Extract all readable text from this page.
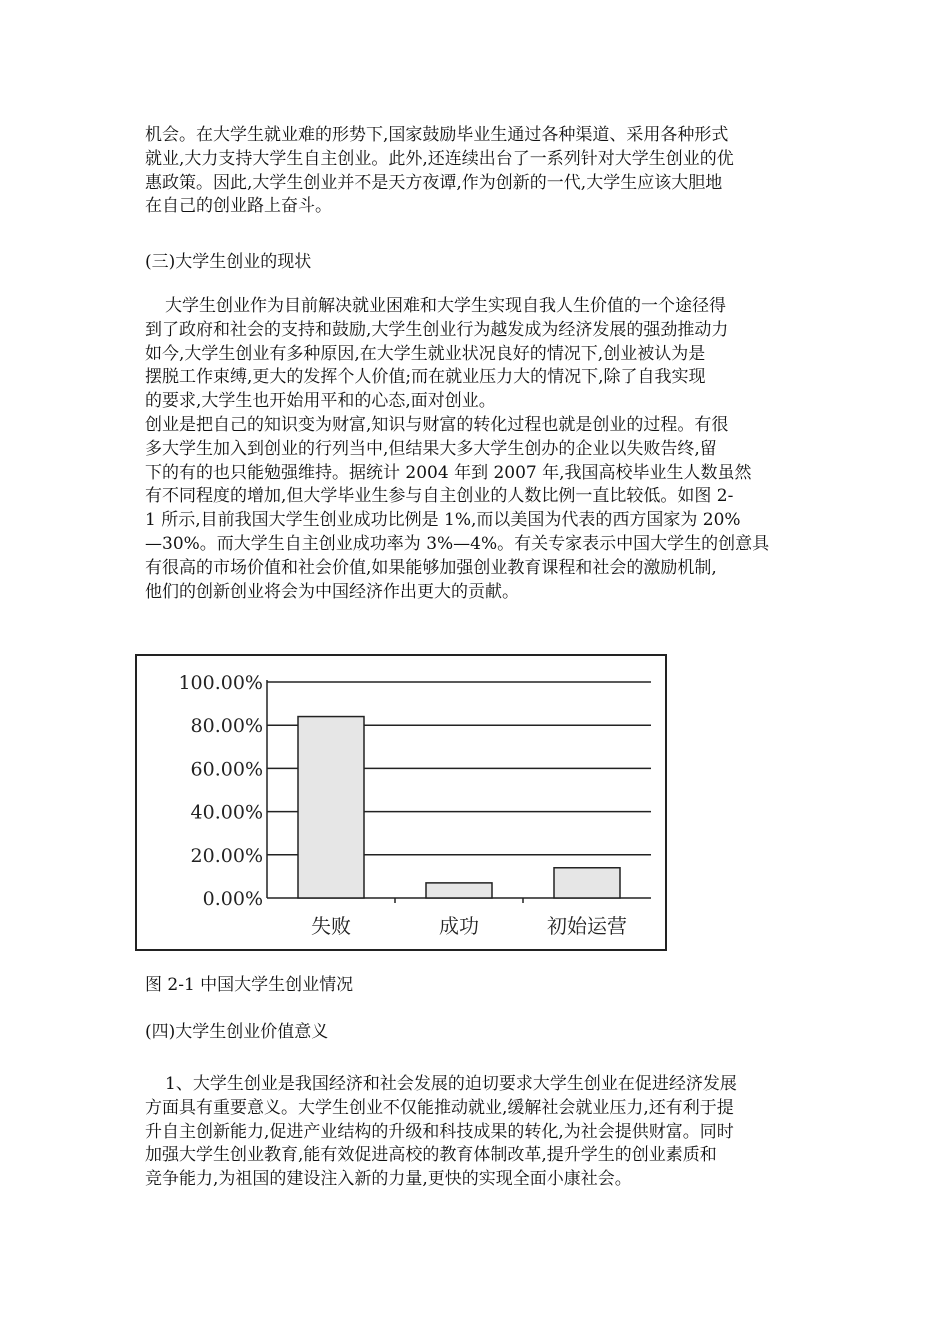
机会。在大学生就业难的形势下,国家鼓励毕业生通过各种渠道、采用各种形式
就业,大力支持大学生自主创业。此外,还连续出台了一系列针对大学生创业的优
惠政策。因此,大学生创业并不是天方夜谭,作为创新的一代,大学生应该大胆地
在自己的创业路上奋斗。
(三)大学生创业的现状
大学生创业作为目前解决就业困难和大学生实现自我人生价值的一个途径得
到了政府和社会的支持和鼓励,大学生创业行为越发成为经济发展的强劲推动力
如今,大学生创业有多种原因,在大学生就业状况良好的情况下,创业被认为是
摆脱工作束缚,更大的发挥个人价值;而在就业压力大的情况下,除了自我实现
的要求,大学生也开始用平和的心态,面对创业。
创业是把自己的知识变为财富,知识与财富的转化过程也就是创业的过程。有很
多大学生加入到创业的行列当中,但结果大多大学生创办的企业以失败告终,留
下的有的也只能勉强维持。据统计 2004 年到 2007 年,我国高校毕业生人数虽然
有不同程度的增加,但大学毕业生参与自主创业的人数比例一直比较低。如图 2-
1 所示,目前我国大学生创业成功比例是 1%,而以美国为代表的西方国家为 20%
—30%。而大学生自主创业成功率为 3%—4%。有关专家表示中国大学生的创意具
有很高的市场价值和社会价值,如果能够加强创业教育课程和社会的激励机制,
他们的创新创业将会为中国经济作出更大的贡献。
100.00%
80.00%
60.00%
40.00%
20.00%
0.00%
失败	成功	初始运营
图 2-1 中国大学生创业情况
(四)大学生创业价值意义
1、大学生创业是我国经济和社会发展的迫切要求大学生创业在促进经济发展
方面具有重要意义。大学生创业不仅能推动就业,缓解社会就业压力,还有利于提
升自主创新能力,促进产业结构的升级和科技成果的转化,为社会提供财富。同时
加强大学生创业教育,能有效促进高校的教育体制改革,提升学生的创业素质和
竞争能力,为祖国的建设注入新的力量,更快的实现全面小康社会。
